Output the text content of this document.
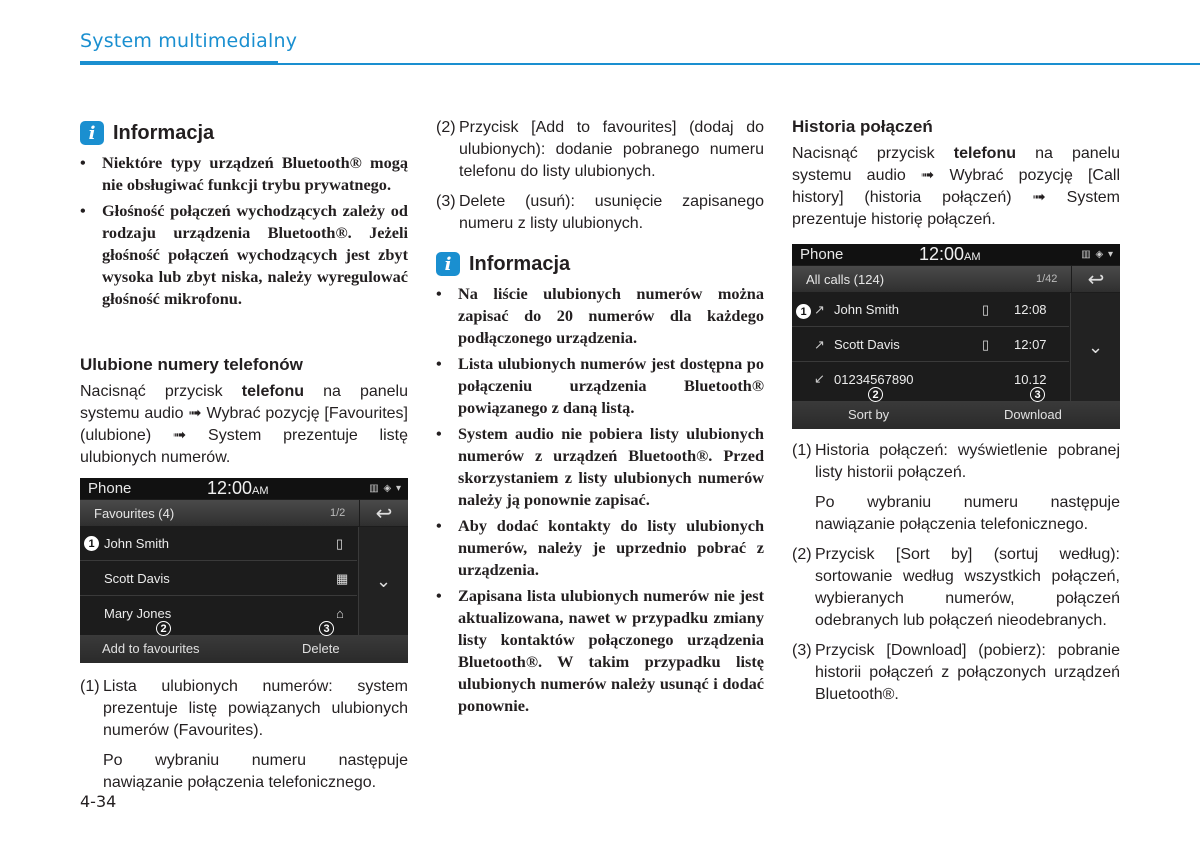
System multimedialny
i Informacja
• Niektóre typy urządzeń Bluetooth® mogą nie obsługiwać funkcji trybu prywatnego.
• Głośność połączeń wychodzących zależy od rodzaju urządzenia Bluetooth®. Jeżeli głośność połączeń wychodzących jest zbyt wysoka lub zbyt niska, należy wyregulować głośność mikrofonu.
Ulubione numery telefonów

Nacisnąć przycisk telefonu na panelu systemu audio ➟ Wybrać pozycję [Favourites] (ulubione) ➟ System prezentuje listę ulubionych numerów.

Phone	12:00AM	▥ ◈ ▾
Favourites (4)	1/2	↩
John Smith	▯
Scott Davis	▦
Mary Jones	⌂
⌄
Add to favourites	Delete
1
2	3
(1) Lista ulubionych numerów: system prezentuje listę powiązanych ulubionych numerów (Favourites).
Po wybraniu numeru następuje nawiązanie połączenia telefonicznego.
4-34
(2) Przycisk [Add to favourites] (dodaj do ulubionych): dodanie pobranego numeru telefonu do listy ulubionych.
(3) Delete (usuń): usunięcie zapisanego numeru z listy ulubionych.
i Informacja
• Na liście ulubionych numerów można zapisać do 20 numerów dla każdego podłączonego urządzenia.
• Lista ulubionych numerów jest dostępna po połączeniu urządzenia Bluetooth® powiązanego z daną listą.
• System audio nie pobiera listy ulubionych numerów z urządzeń Bluetooth®. Przed skorzystaniem z listy ulubionych numerów należy ją ponownie zapisać.
• Aby dodać kontakty do listy ulubionych numerów, należy je uprzednio pobrać z urządzenia.
• Zapisana lista ulubionych numerów nie jest aktualizowana, nawet w przypadku zmiany listy kontaktów połączonego urządzenia Bluetooth®. W takim przypadku listę ulubionych numerów należy usunąć i dodać ponownie.
Historia połączeń

Nacisnąć przycisk telefonu na panelu systemu audio ➟ Wybrać pozycję [Call history] (historia połączeń) ➟ System prezentuje historię połączeń.

Phone	12:00AM	▥ ◈ ▾
All calls (124)	1/42	↩
↗ John Smith	▯ 12:08
↗ Scott Davis	▯ 12:07
↙ 01234567890	10.12
⌄
Sort by	Download
1
2	3
(1) Historia połączeń: wyświetlenie pobranej listy historii połączeń.
Po wybraniu numeru następuje nawiązanie połączenia telefonicznego.
(2) Przycisk [Sort by] (sortuj według): sortowanie według wszystkich połączeń, wybieranych numerów, połączeń odebranych lub połączeń nieodebranych.
(3) Przycisk [Download] (pobierz): pobranie historii połączeń z połączonych urządzeń Bluetooth®.
